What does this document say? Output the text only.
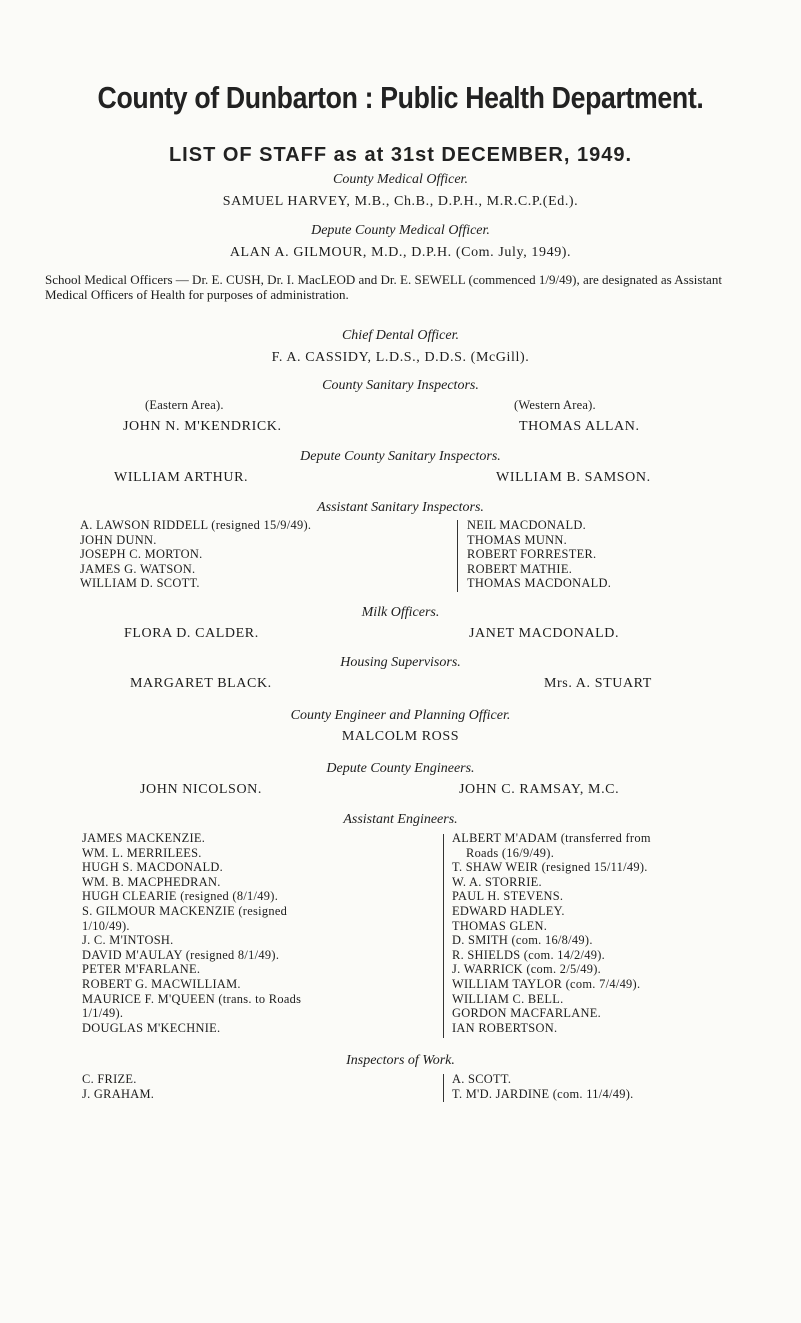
County of Dunbarton : Public Health Department.
LIST OF STAFF as at 31st DECEMBER, 1949.
County Medical Officer.
SAMUEL HARVEY, M.B., Ch.B., D.P.H., M.R.C.P.(Ed.).
Depute County Medical Officer.
ALAN A. GILMOUR, M.D., D.P.H. (Com. July, 1949).
School Medical Officers — Dr. E. CUSH, Dr. I. MacLEOD and Dr. E. SEWELL (commenced 1/9/49), are designated as Assistant Medical Officers of Health for purposes of administration.
Chief Dental Officer.
F. A. CASSIDY, L.D.S., D.D.S. (McGill).
County Sanitary Inspectors.
(Eastern Area).	(Western Area).
JOHN N. M'KENDRICK.	THOMAS ALLAN.
Depute County Sanitary Inspectors.
WILLIAM ARTHUR.	WILLIAM B. SAMSON.
Assistant Sanitary Inspectors.
A. LAWSON RIDDELL (resigned 15/9/49).
JOHN DUNN.
JOSEPH C. MORTON.
JAMES G. WATSON.
WILLIAM D. SCOTT.
NEIL MACDONALD.
THOMAS MUNN.
ROBERT FORRESTER.
ROBERT MATHIE.
THOMAS MACDONALD.
Milk Officers.
FLORA D. CALDER.	JANET MACDONALD.
Housing Supervisors.
MARGARET BLACK.	Mrs. A. STUART
County Engineer and Planning Officer.
MALCOLM ROSS
Depute County Engineers.
JOHN NICOLSON.	JOHN C. RAMSAY, M.C.
Assistant Engineers.
JAMES MACKENZIE.
WM. L. MERRILEES.
HUGH S. MACDONALD.
WM. B. MACPHEDRAN.
HUGH CLEARIE (resigned (8/1/49).
S. GILMOUR MACKENZIE (resigned
1/10/49).
J. C. M'INTOSH.
DAVID M'AULAY (resigned 8/1/49).
PETER M'FARLANE.
ROBERT G. MACWILLIAM.
MAURICE F. M'QUEEN (trans. to Roads
1/1/49).
DOUGLAS M'KECHNIE.
ALBERT M'ADAM (transferred from
Roads (16/9/49).
T. SHAW WEIR (resigned 15/11/49).
W. A. STORRIE.
PAUL H. STEVENS.
EDWARD HADLEY.
THOMAS GLEN.
D. SMITH (com. 16/8/49).
R. SHIELDS (com. 14/2/49).
J. WARRICK (com. 2/5/49).
WILLIAM TAYLOR (com. 7/4/49).
WILLIAM C. BELL.
GORDON MACFARLANE.
IAN ROBERTSON.
Inspectors of Work.
C. FRIZE.
J. GRAHAM.
A. SCOTT.
T. M'D. JARDINE (com. 11/4/49).
